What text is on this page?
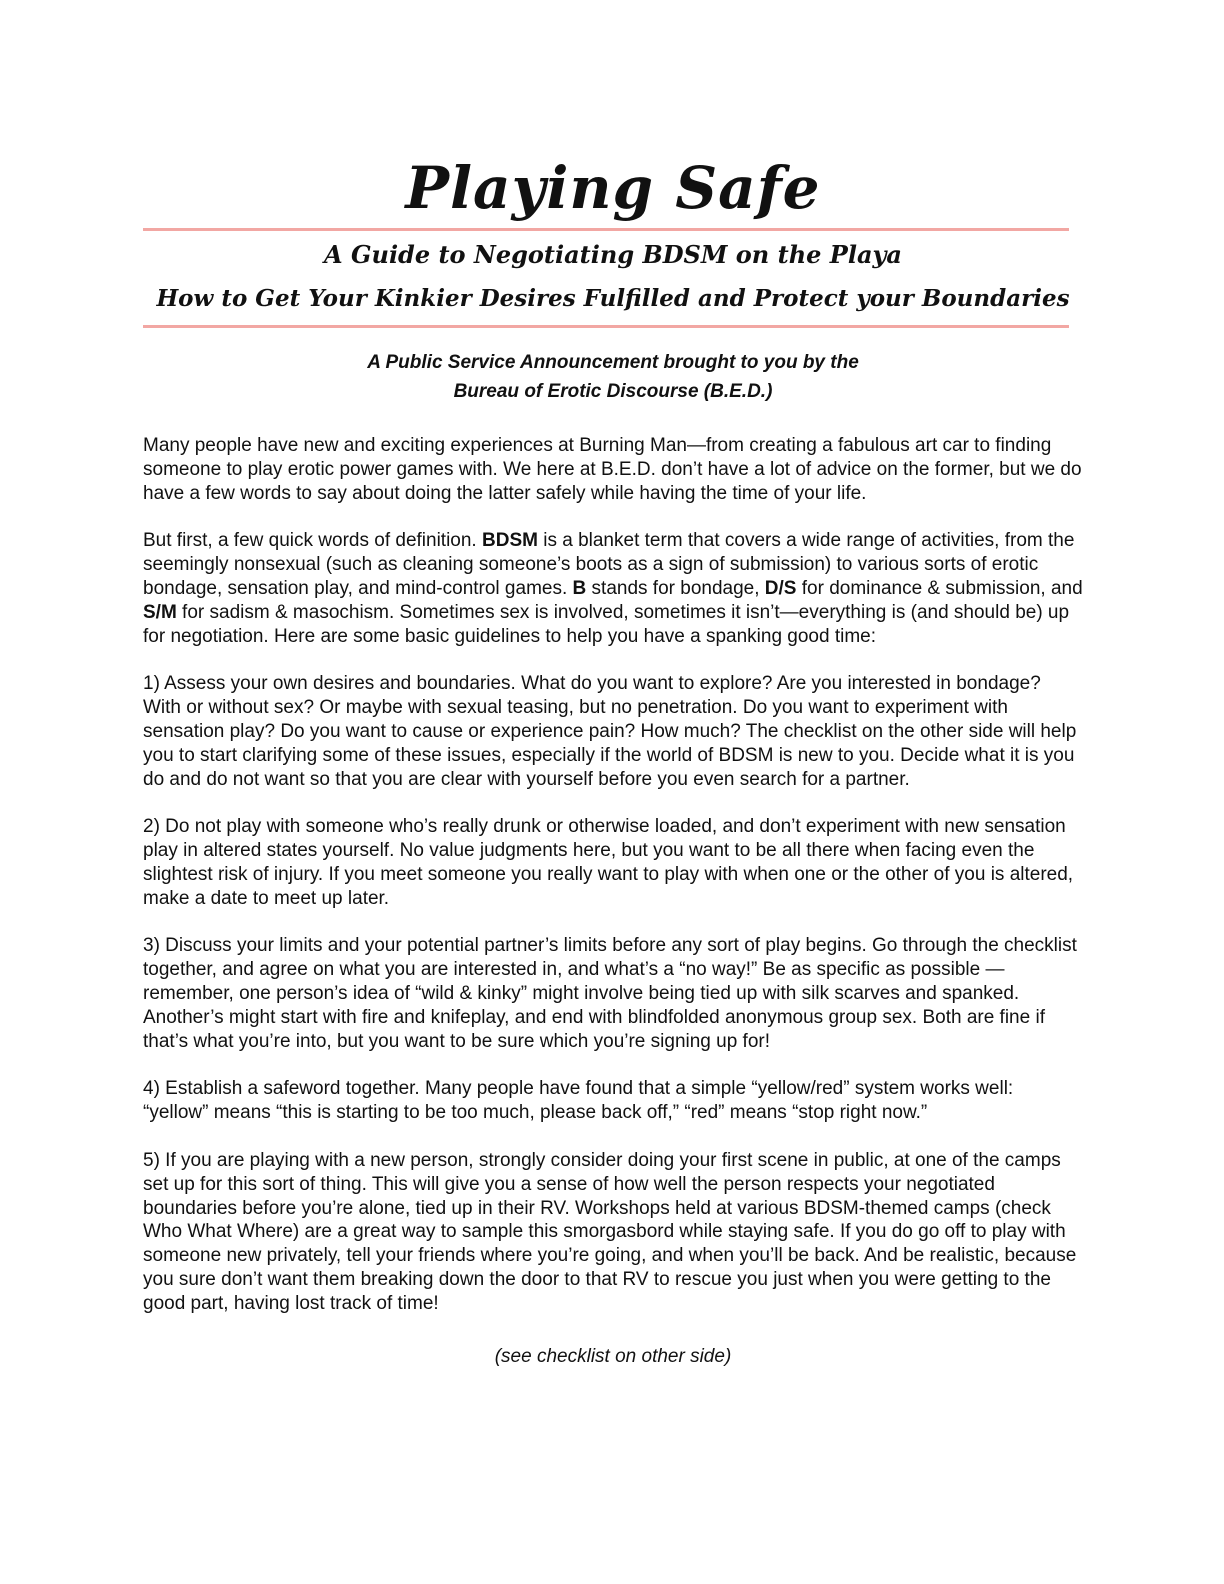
Playing Safe

A Guide to Negotiating BDSM on the Playa

How to Get Your Kinkier Desires Fulfilled and Protect your Boundaries

A Public Service Announcement brought to you by the
Bureau of Erotic Discourse (B.E.D.)

Many people have new and exciting experiences at Burning Man—from creating a fabulous art car to finding someone to play erotic power games with. We here at B.E.D. don’t have a lot of advice on the former, but we do have a few words to say about doing the latter safely while having the time of your life.

But first, a few quick words of definition. BDSM is a blanket term that covers a wide range of activities, from the seemingly nonsexual (such as cleaning someone’s boots as a sign of submission) to various sorts of erotic bondage, sensation play, and mind-control games. B stands for bondage, D/S for dominance & submission, and S/M for sadism & masochism. Sometimes sex is involved, sometimes it isn’t—everything is (and should be) up for negotiation. Here are some basic guidelines to help you have a spanking good time:

1) Assess your own desires and boundaries. What do you want to explore? Are you interested in bondage? With or without sex? Or maybe with sexual teasing, but no penetration. Do you want to experiment with sensation play? Do you want to cause or experience pain? How much? The checklist on the other side will help you to start clarifying some of these issues, especially if the world of BDSM is new to you. Decide what it is you do and do not want so that you are clear with yourself before you even search for a partner.

2) Do not play with someone who’s really drunk or otherwise loaded, and don’t experiment with new sensation play in altered states yourself. No value judgments here, but you want to be all there when facing even the slightest risk of injury. If you meet someone you really want to play with when one or the other of you is altered, make a date to meet up later.

3) Discuss your limits and your potential partner’s limits before any sort of play begins. Go through the checklist together, and agree on what you are interested in, and what’s a “no way!” Be as specific as possible — remember, one person’s idea of “wild & kinky” might involve being tied up with silk scarves and spanked. Another’s might start with fire and knifeplay, and end with blindfolded anonymous group sex. Both are fine if that’s what you’re into, but you want to be sure which you’re signing up for!

4) Establish a safeword together. Many people have found that a simple “yellow/red” system works well: “yellow” means “this is starting to be too much, please back off,” “red” means “stop right now.”

5) If you are playing with a new person, strongly consider doing your first scene in public, at one of the camps set up for this sort of thing. This will give you a sense of how well the person respects your negotiated boundaries before you’re alone, tied up in their RV. Workshops held at various BDSM-themed camps (check Who What Where) are a great way to sample this smorgasbord while staying safe. If you do go off to play with someone new privately, tell your friends where you’re going, and when you’ll be back. And be realistic, because you sure don’t want them breaking down the door to that RV to rescue you just when you were getting to the good part, having lost track of time!

(see checklist on other side)
